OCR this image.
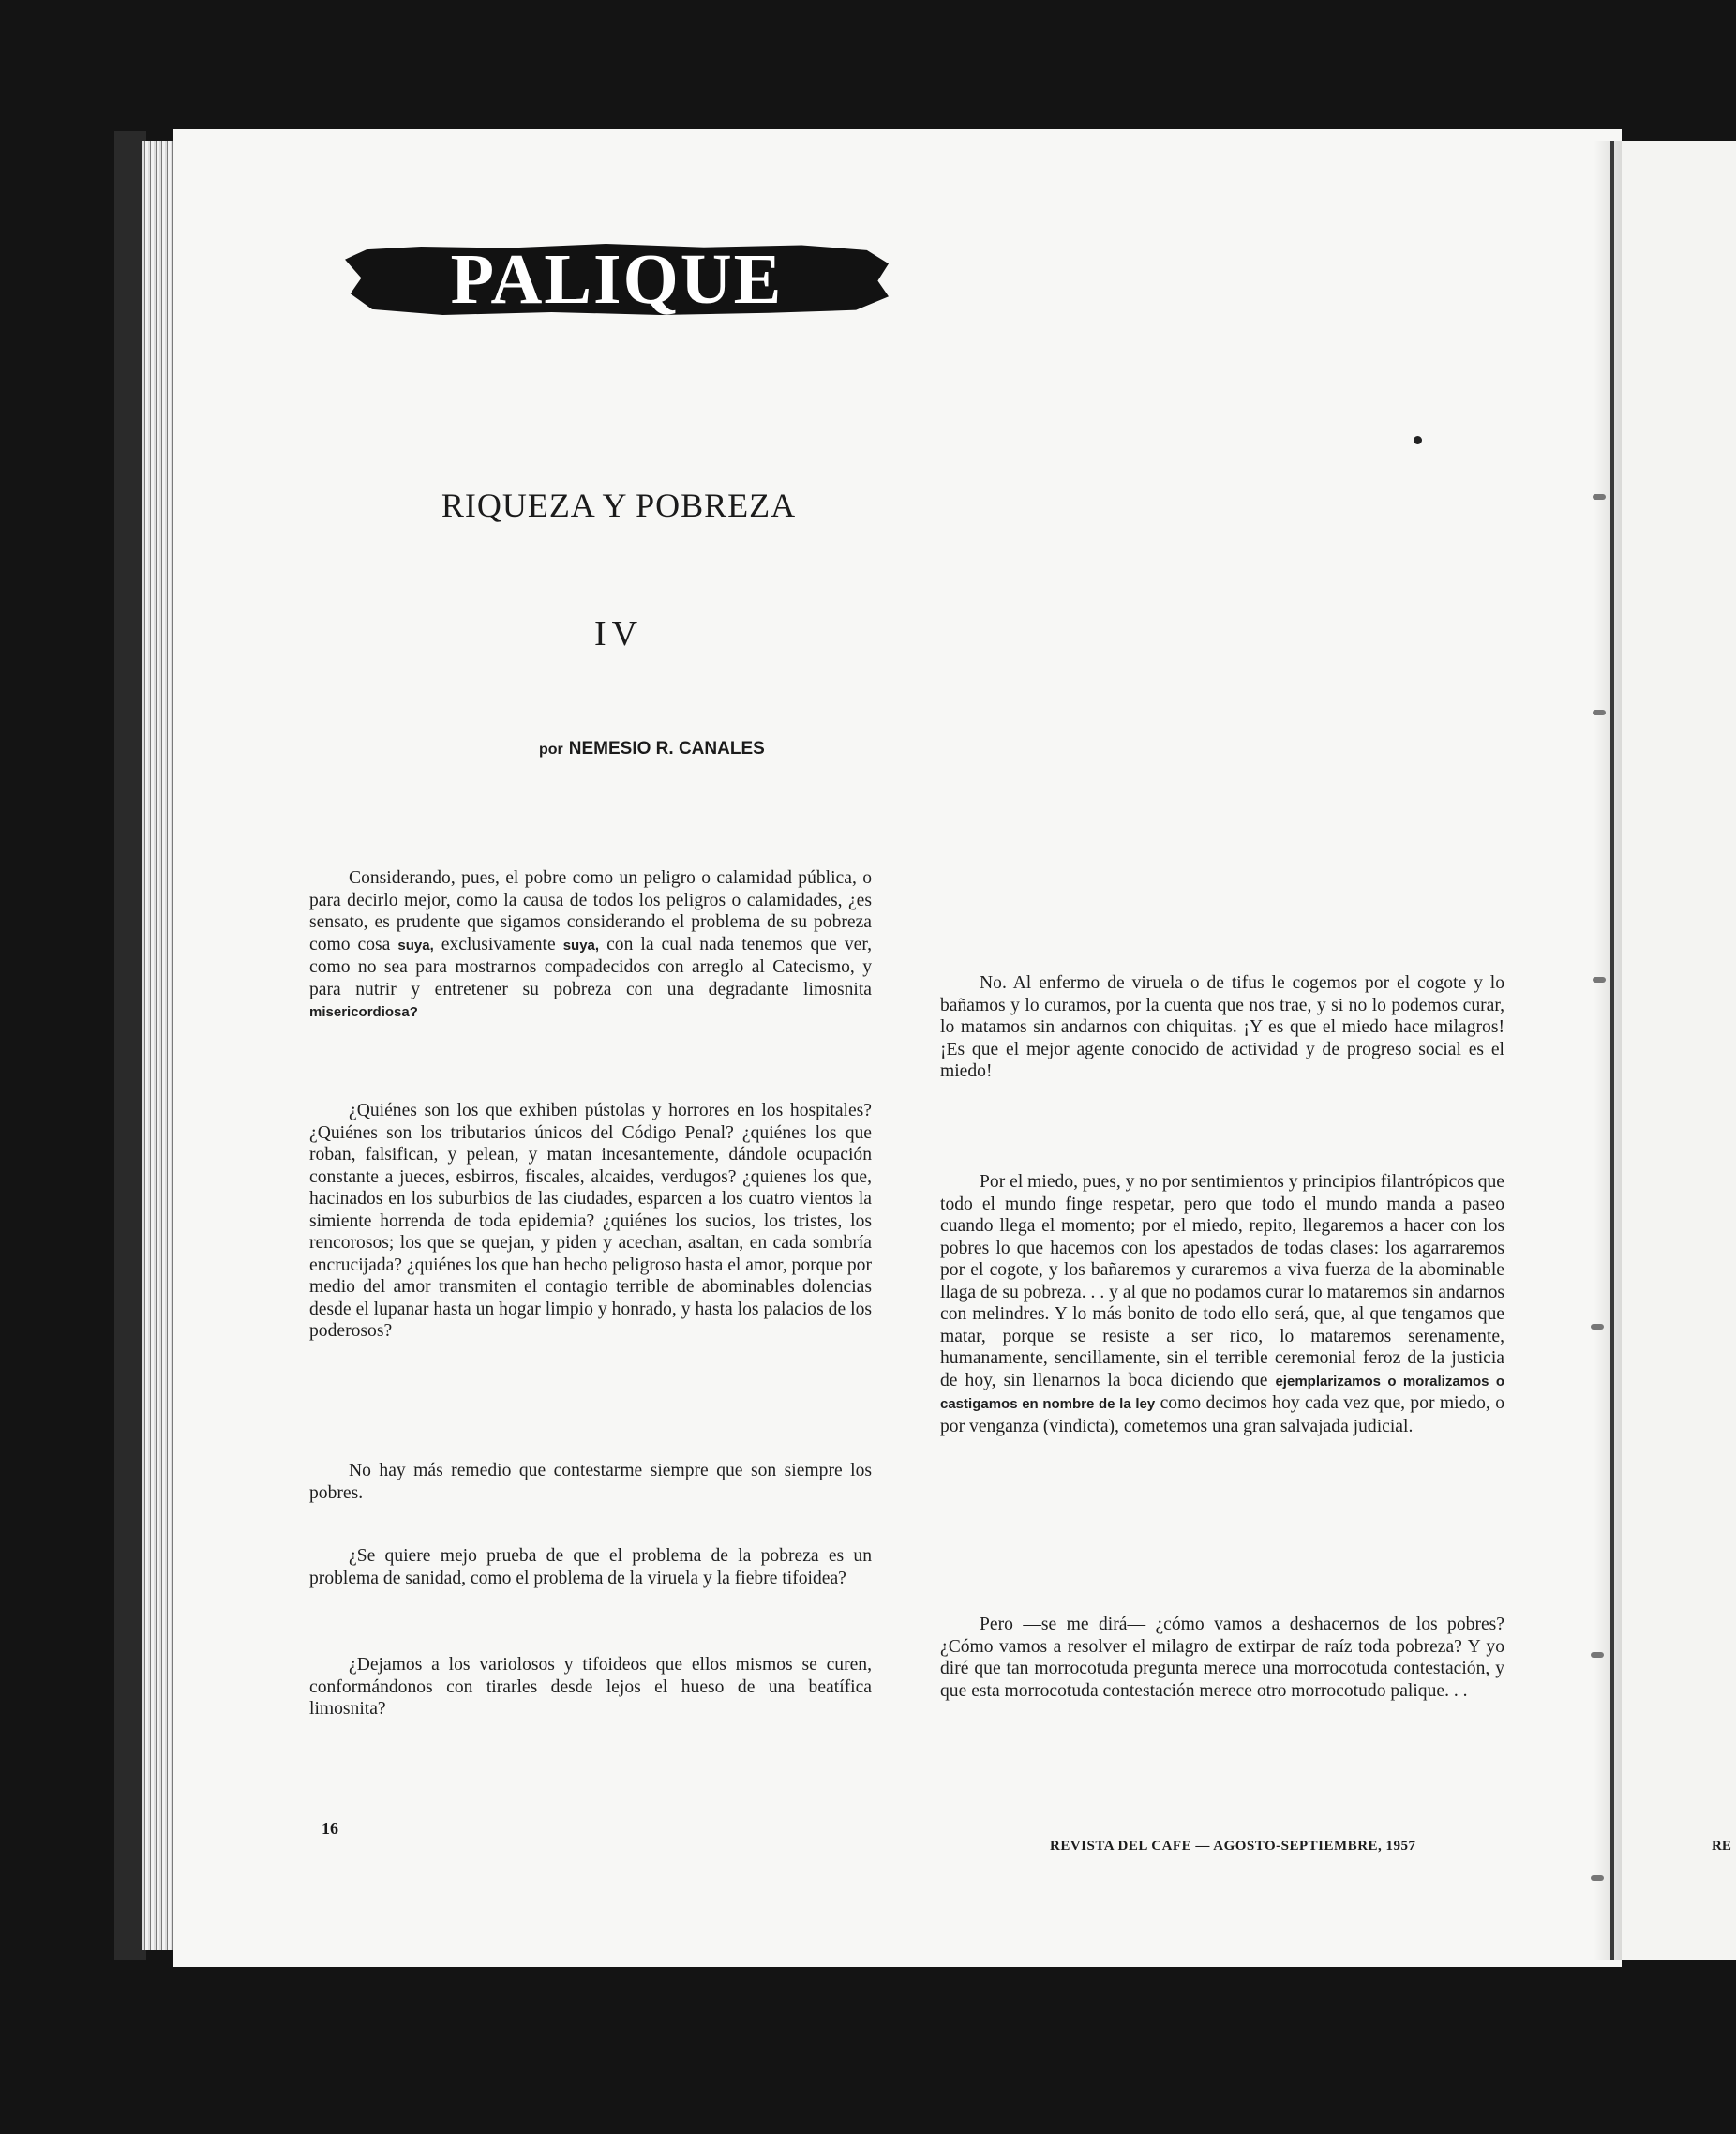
PALIQUE
RIQUEZA Y POBREZA
IV
por NEMESIO R. CANALES

Considerando, pues, el pobre como un peligro o calamidad pública, o para decirlo mejor, como la causa de todos los peligros o calamidades, ¿es sensato, es prudente que sigamos considerando el problema de su pobreza como cosa suya, exclusivamente suya, con la cual nada tenemos que ver, como no sea para mostrarnos compadecidos con arreglo al Catecismo, y para nutrir y entretener su pobreza con una degradante limosnita misericordiosa?

¿Quiénes son los que exhiben pústolas y horrores en los hospitales? ¿Quiénes son los tributarios únicos del Código Penal? ¿quiénes los que roban, falsifican, y pelean, y matan incesantemente, dándole ocupación constante a jueces, esbirros, fiscales, alcaides, verdugos? ¿quienes los que, hacinados en los suburbios de las ciudades, esparcen a los cuatro vientos la simiente horrenda de toda epidemia? ¿quiénes los sucios, los tristes, los rencorosos; los que se quejan, y piden y acechan, asaltan, en cada sombría encrucijada? ¿quiénes los que han hecho peligroso hasta el amor, porque por medio del amor transmiten el contagio terrible de abominables dolencias desde el lupanar hasta un hogar limpio y honrado, y hasta los palacios de los poderosos?

No hay más remedio que contestarme siempre que son siempre los pobres.

¿Se quiere mejo prueba de que el problema de la pobreza es un problema de sanidad, como el problema de la viruela y la fiebre tifoidea?

¿Dejamos a los variolosos y tifoideos que ellos mismos se curen, conformándonos con tirarles desde lejos el hueso de una beatífica limosnita?

No. Al enfermo de viruela o de tifus le cogemos por el cogote y lo bañamos y lo curamos, por la cuenta que nos trae, y si no lo podemos curar, lo matamos sin andarnos con chiquitas. ¡Y es que el miedo hace milagros! ¡Es que el mejor agente conocido de actividad y de progreso social es el miedo!

Por el miedo, pues, y no por sentimientos y principios filantrópicos que todo el mundo finge respetar, pero que todo el mundo manda a paseo cuando llega el momento; por el miedo, repito, llegaremos a hacer con los pobres lo que hacemos con los apestados de todas clases: los agarraremos por el cogote, y los bañaremos y curaremos a viva fuerza de la abominable llaga de su pobreza. . . y al que no podamos curar lo mataremos sin andarnos con melindres. Y lo más bonito de todo ello será, que, al que tengamos que matar, porque se resiste a ser rico, lo mataremos serenamente, humanamente, sencillamente, sin el terrible ceremonial feroz de la justicia de hoy, sin llenarnos la boca diciendo que ejemplarizamos o moralizamos o castigamos en nombre de la ley como decimos hoy cada vez que, por miedo, o por venganza (vindicta), cometemos una gran salvajada judicial.

Pero —se me dirá— ¿cómo vamos a deshacernos de los pobres? ¿Cómo vamos a resolver el milagro de extirpar de raíz toda pobreza? Y yo diré que tan morrocotuda pregunta merece una morrocotuda contestación, y que esta morrocotuda contestación merece otro morrocotudo palique. . .

16
REVISTA DEL CAFE — AGOSTO-SEPTIEMBRE, 1957	RE
